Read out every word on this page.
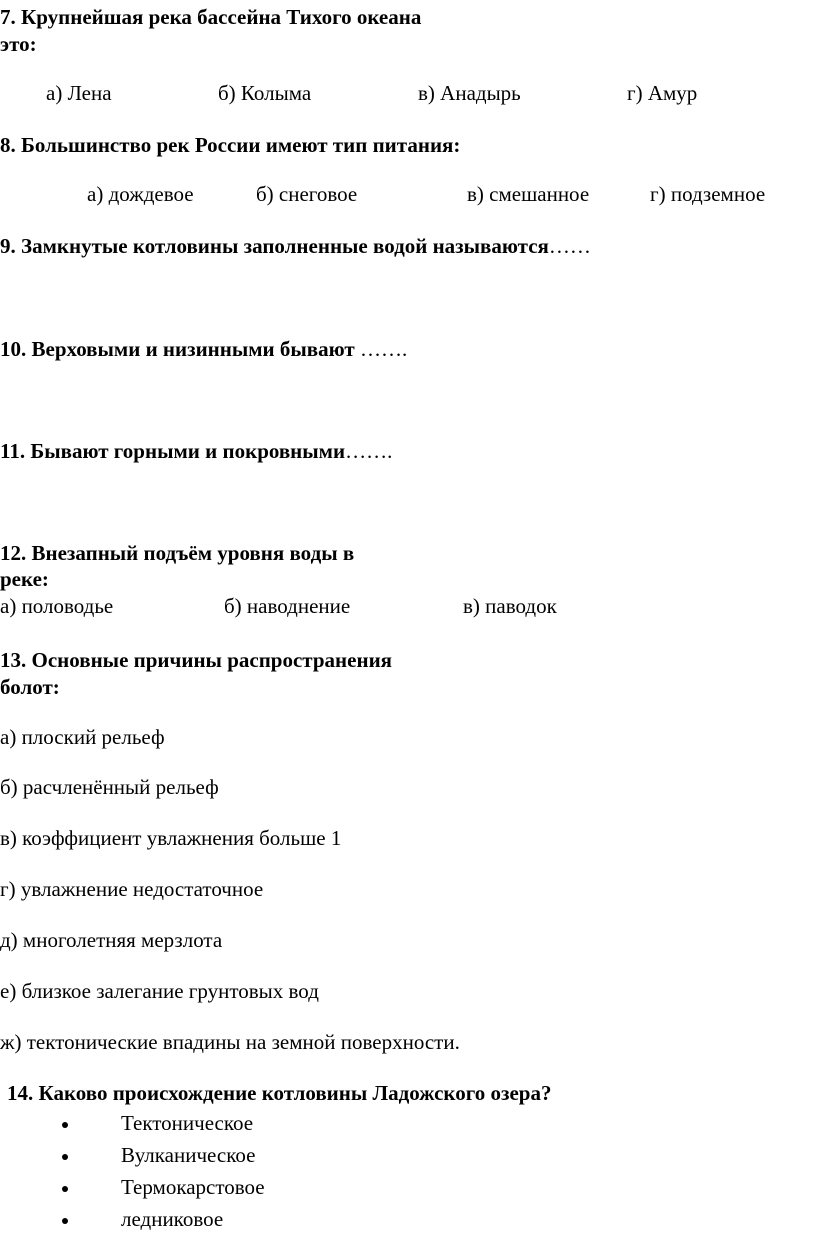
7. Крупнейшая река бассейна Тихого океана
это:
а) Лена	б) Колыма	в) Анадырь	г) Амур
8. Большинство рек России имеют тип питания:
а) дождевое	б) снеговое	в) смешанное	г) подземное
9. Замкнутые котловины заполненные водой называются……
10. Верховыми и низинными бывают …….
11. Бывают горными и покровными…….
12. Внезапный подъём уровня воды в
реке:
а) половодье	б) наводнение	в) паводок
13. Основные причины распространения
болот:
а) плоский рельеф
б) расчленённый рельеф
в) коэффициент увлажнения больше 1
г) увлажнение недостаточное
д) многолетняя мерзлота
е) близкое залегание грунтовых вод
ж) тектонические впадины на земной поверхности.
14. Каково происхождение котловины Ладожского озера?
Тектоническое
Вулканическое
Термокарстовое
ледниковое
